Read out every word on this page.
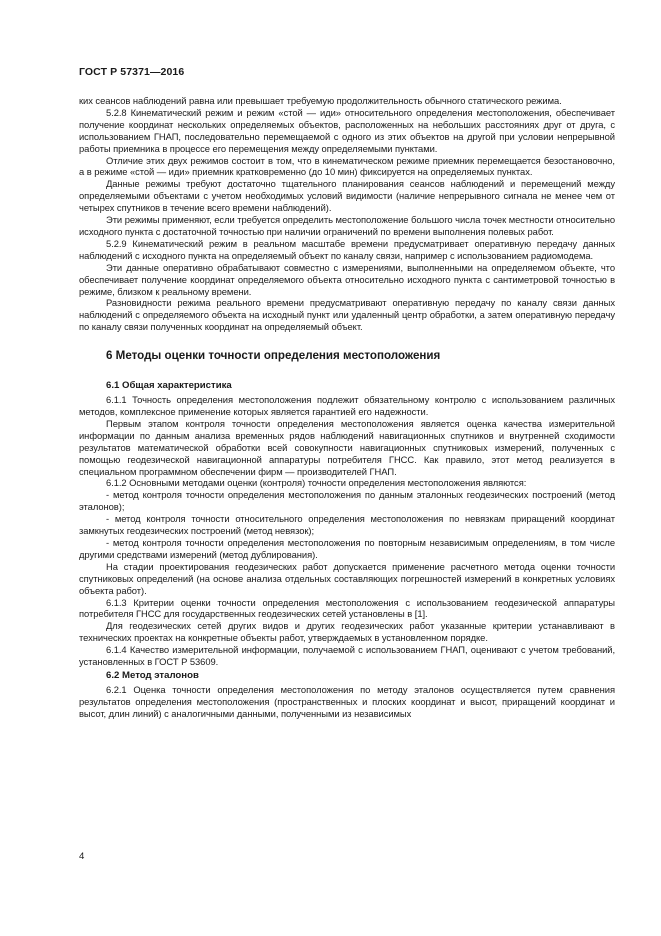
ГОСТ Р 57371—2016

ких сеансов наблюдений равна или превышает требуемую продолжительность обычного статического режима.

5.2.8 Кинематический режим и режим «стой — иди» относительного определения местоположения, обеспечивает получение координат нескольких определяемых объектов, расположенных на небольших расстояниях друг от друга, с использованием ГНАП, последовательно перемещаемой с одного из этих объектов на другой при условии непрерывной работы приемника в процессе его перемещения между определяемыми пунктами.

Отличие этих двух режимов состоит в том, что в кинематическом режиме приемник перемещается безостановочно, а в режиме «стой — иди» приемник кратковременно (до 10 мин) фиксируется на определяемых пунктах.

Данные режимы требуют достаточно тщательного планирования сеансов наблюдений и перемещений между определяемыми объектами с учетом необходимых условий видимости (наличие непрерывного сигнала не менее чем от четырех спутников в течение всего времени наблюдений).

Эти режимы применяют, если требуется определить местоположение большого числа точек местности относительно исходного пункта с достаточной точностью при наличии ограничений по времени выполнения полевых работ.

5.2.9 Кинематический режим в реальном масштабе времени предусматривает оперативную передачу данных наблюдений с исходного пункта на определяемый объект по каналу связи, например с использованием радиомодема.

Эти данные оперативно обрабатывают совместно с измерениями, выполненными на определяемом объекте, что обеспечивает получение координат определяемого объекта относительно исходного пункта с сантиметровой точностью в режиме, близком к реальному времени.

Разновидности режима реального времени предусматривают оперативную передачу по каналу связи данных наблюдений с определяемого объекта на исходный пункт или удаленный центр обработки, а затем оперативную передачу по каналу связи полученных координат на определяемый объект.

6 Методы оценки точности определения местоположения
6.1 Общая характеристика

6.1.1 Точность определения местоположения подлежит обязательному контролю с использованием различных методов, комплексное применение которых является гарантией его надежности.

Первым этапом контроля точности определения местоположения является оценка качества измерительной информации по данным анализа временных рядов наблюдений навигационных спутников и внутренней сходимости результатов математической обработки всей совокупности навигационных спутниковых измерений, полученных с помощью геодезической навигационной аппаратуры потребителя ГНСС. Как правило, этот метод реализуется в специальном программном обеспечении фирм — производителей ГНАП.

6.1.2 Основными методами оценки (контроля) точности определения местоположения являются:

- метод контроля точности определения местоположения по данным эталонных геодезических построений (метод эталонов);

- метод контроля точности относительного определения местоположения по невязкам приращений координат замкнутых геодезических построений (метод невязок);

- метод контроля точности определения местоположения по повторным независимым определениям, в том числе другими средствами измерений (метод дублирования).

На стадии проектирования геодезических работ допускается применение расчетного метода оценки точности спутниковых определений (на основе анализа отдельных составляющих погрешностей измерений в конкретных условиях объекта работ).

6.1.3 Критерии оценки точности определения местоположения с использованием геодезической аппаратуры потребителя ГНСС для государственных геодезических сетей установлены в [1].

Для геодезических сетей других видов и других геодезических работ указанные критерии устанавливают в технических проектах на конкретные объекты работ, утверждаемых в установленном порядке.

6.1.4 Качество измерительной информации, получаемой с использованием ГНАП, оценивают с учетом требований, установленных в ГОСТ Р 53609.

6.2 Метод эталонов

6.2.1 Оценка точности определения местоположения по методу эталонов осуществляется путем сравнения результатов определения местоположения (пространственных и плоских координат и высот, приращений координат и высот, длин линий) с аналогичными данными, полученными из независимых

4
